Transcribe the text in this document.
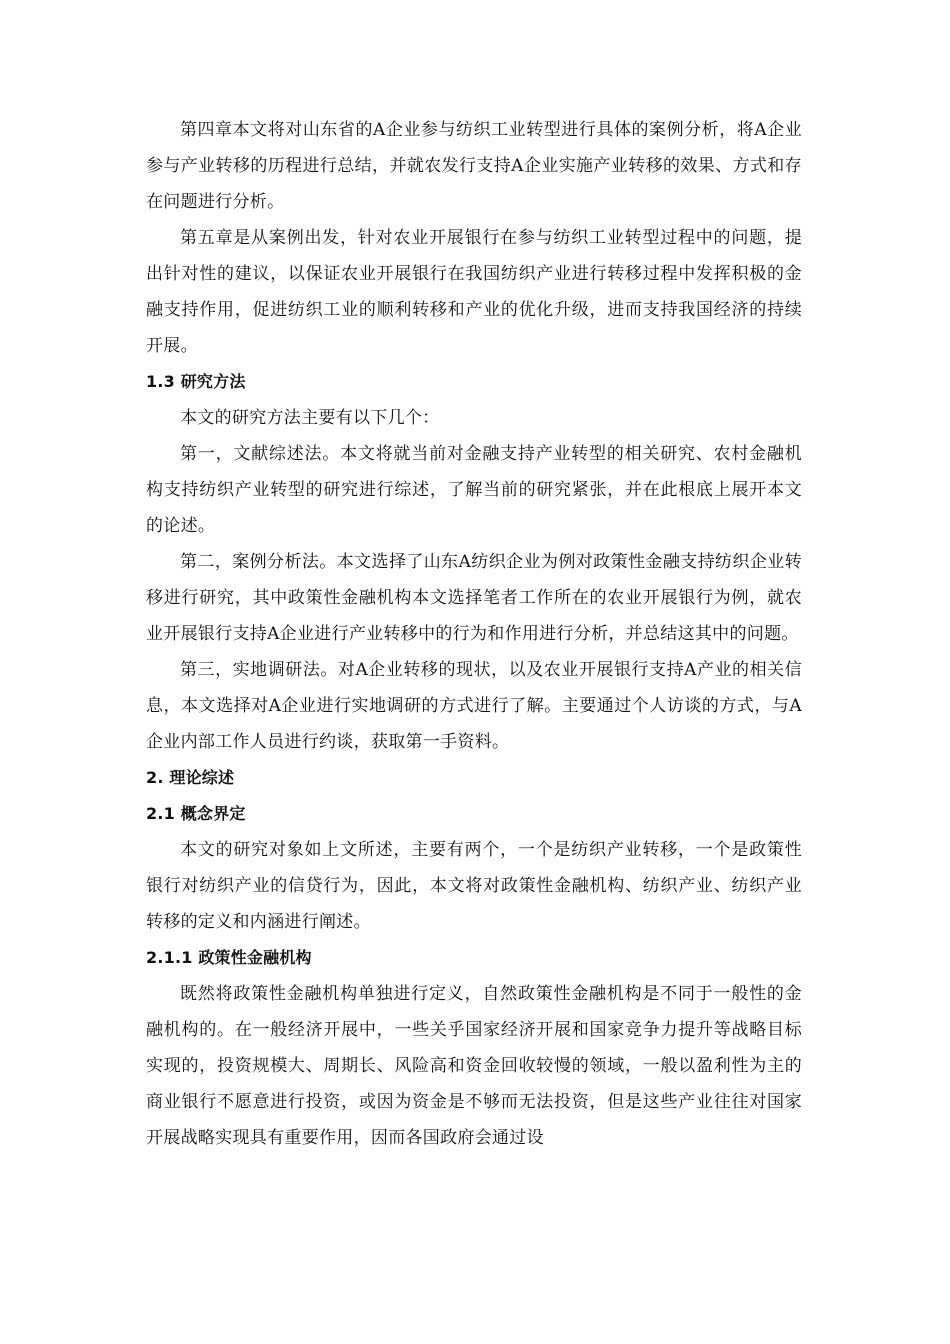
第四章本文将对山东省的A企业参与纺织工业转型进行具体的案例分析，将A企业参与产业转移的历程进行总结，并就农发行支持A企业实施产业转移的效果、方式和存在问题进行分析。

第五章是从案例出发，针对农业开展银行在参与纺织工业转型过程中的问题，提出针对性的建议，以保证农业开展银行在我国纺织产业进行转移过程中发挥积极的金融支持作用，促进纺织工业的顺利转移和产业的优化升级，进而支持我国经济的持续开展。

1.3 研究方法

本文的研究方法主要有以下几个：

第一，文献综述法。本文将就当前对金融支持产业转型的相关研究、农村金融机构支持纺织产业转型的研究进行综述，了解当前的研究紧张，并在此根底上展开本文的论述。

第二，案例分析法。本文选择了山东A纺织企业为例对政策性金融支持纺织企业转移进行研究，其中政策性金融机构本文选择笔者工作所在的农业开展银行为例，就农业开展银行支持A企业进行产业转移中的行为和作用进行分析，并总结这其中的问题。

第三，实地调研法。对A企业转移的现状，以及农业开展银行支持A产业的相关信息，本文选择对A企业进行实地调研的方式进行了解。主要通过个人访谈的方式，与A企业内部工作人员进行约谈，获取第一手资料。

2. 理论综述
2.1 概念界定

本文的研究对象如上文所述，主要有两个，一个是纺织产业转移，一个是政策性银行对纺织产业的信贷行为，因此，本文将对政策性金融机构、纺织产业、纺织产业转移的定义和内涵进行阐述。

2.1.1 政策性金融机构

既然将政策性金融机构单独进行定义，自然政策性金融机构是不同于一般性的金融机构的。在一般经济开展中，一些关乎国家经济开展和国家竞争力提升等战略目标实现的，投资规模大、周期长、风险高和资金回收较慢的领域，一般以盈利性为主的商业银行不愿意进行投资，或因为资金是不够而无法投资，但是这些产业往往对国家开展战略实现具有重要作用，因而各国政府会通过设
